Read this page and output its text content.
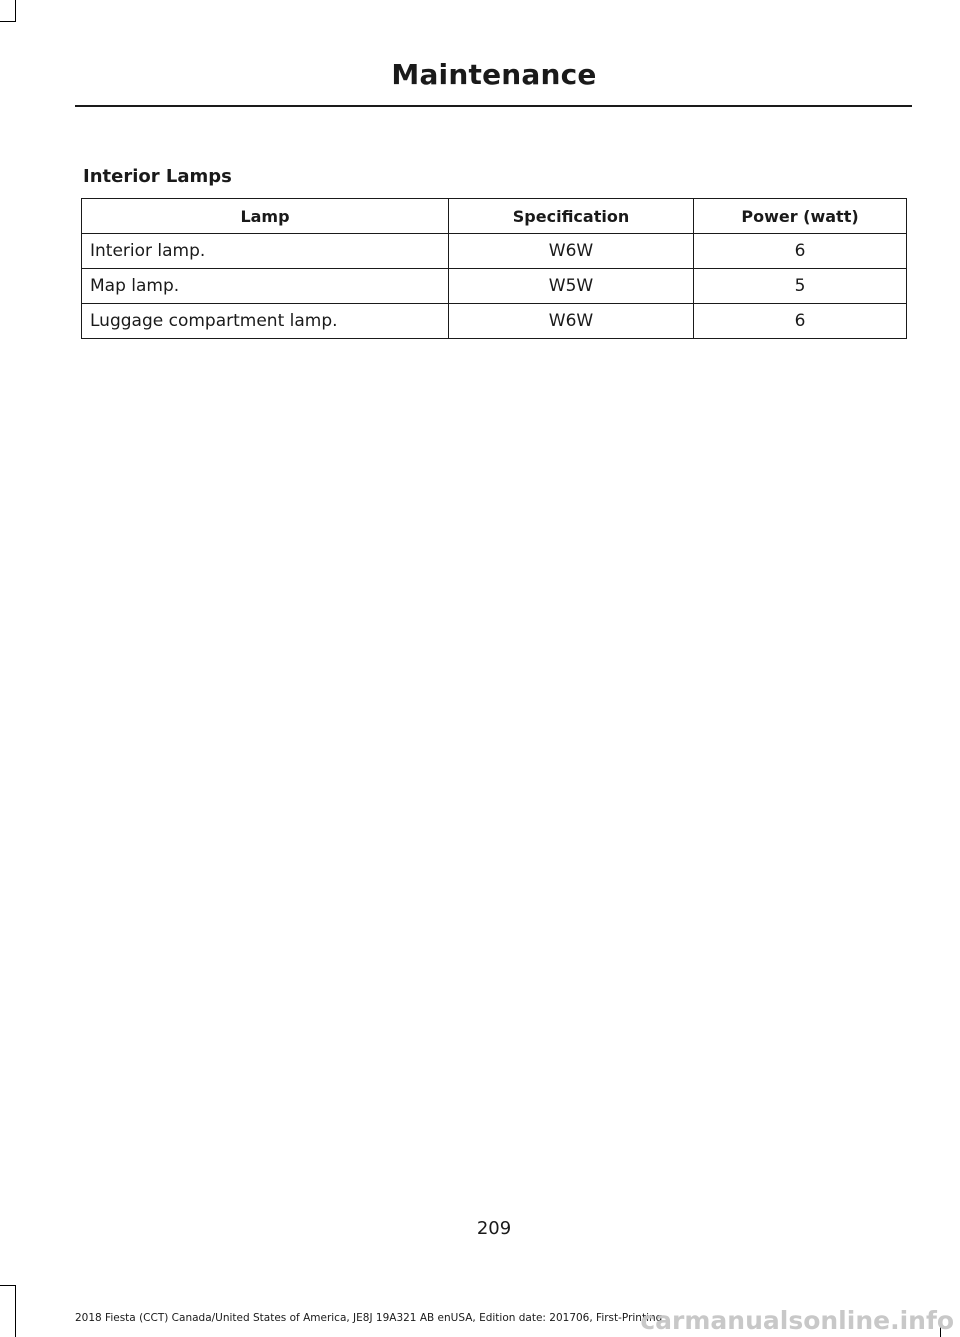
Maintenance
Interior Lamps
Lamp	Specification	Power (watt)
Interior lamp.	W6W	6
Map lamp.	W5W	5
Luggage compartment lamp.	W6W	6

209

2018 Fiesta (CCT) Canada/United States of America, JE8J 19A321 AB enUSA, Edition date: 201706, First-Printing

carmanualsonline.info
